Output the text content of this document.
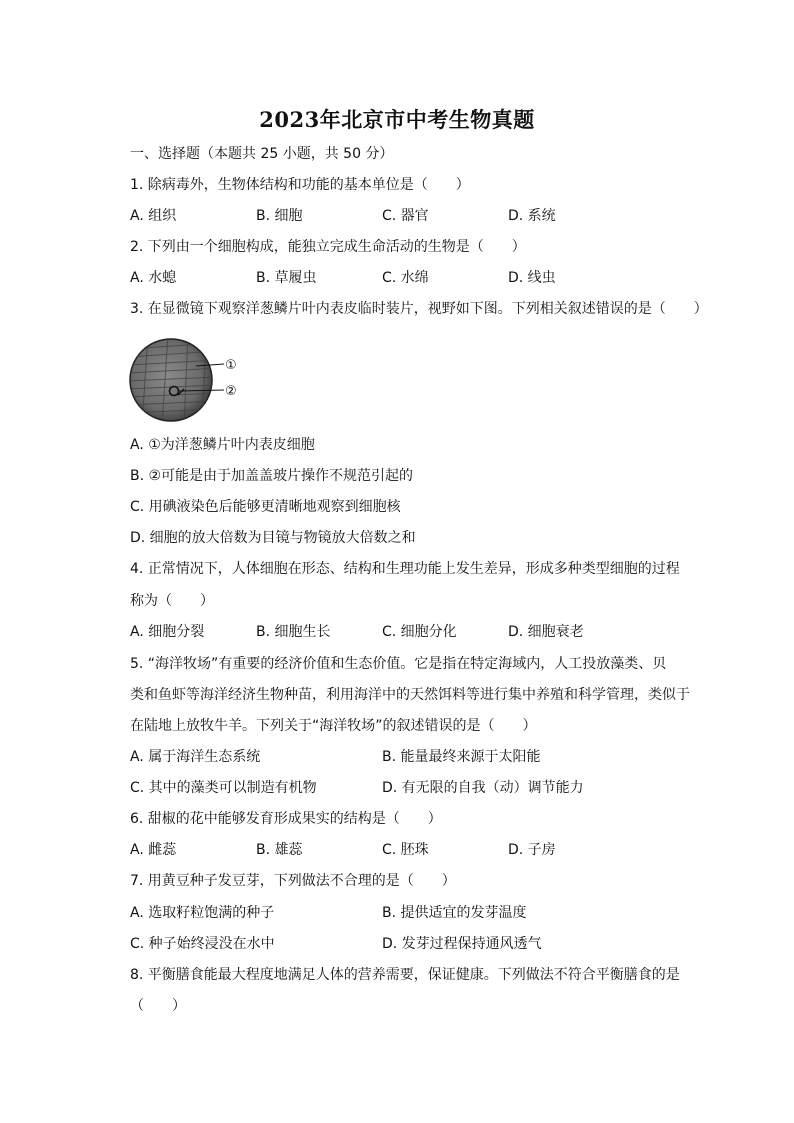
2023年北京市中考生物真题
一、选择题（本题共 25 小题，共 50 分）
1. 除病毒外，生物体结构和功能的基本单位是（　　）
A. 组织	B. 细胞	C. 器官	D. 系统
2. 下列由一个细胞构成，能独立完成生命活动的生物是（　　）
A. 水螅	B. 草履虫	C. 水绵	D. 线虫
3. 在显微镜下观察洋葱鳞片叶内表皮临时装片，视野如下图。下列相关叙述错误的是（　　）
①
②
A. ①为洋葱鳞片叶内表皮细胞
B. ②可能是由于加盖盖玻片操作不规范引起的
C. 用碘液染色后能够更清晰地观察到细胞核
D. 细胞的放大倍数为目镜与物镜放大倍数之和
4. 正常情况下，人体细胞在形态、结构和生理功能上发生差异，形成多种类型细胞的过程
称为（　　）
A. 细胞分裂	B. 细胞生长	C. 细胞分化	D. 细胞衰老
5. “海洋牧场”有重要的经济价值和生态价值。它是指在特定海域内，人工投放藻类、贝
类和鱼虾等海洋经济生物种苗，利用海洋中的天然饵料等进行集中养殖和科学管理，类似于
在陆地上放牧牛羊。下列关于“海洋牧场”的叙述错误的是（　　）
A. 属于海洋生态系统	B. 能量最终来源于太阳能
C. 其中的藻类可以制造有机物	D. 有无限的自我（动）调节能力
6. 甜椒的花中能够发育形成果实的结构是（　　）
A. 雌蕊	B. 雄蕊	C. 胚珠	D. 子房
7. 用黄豆种子发豆芽，下列做法不合理的是（　　）
A. 选取籽粒饱满的种子	B. 提供适宜的发芽温度
C. 种子始终浸没在水中	D. 发芽过程保持通风透气
8. 平衡膳食能最大程度地满足人体的营养需要，保证健康。下列做法不符合平衡膳食的是
（　　）
